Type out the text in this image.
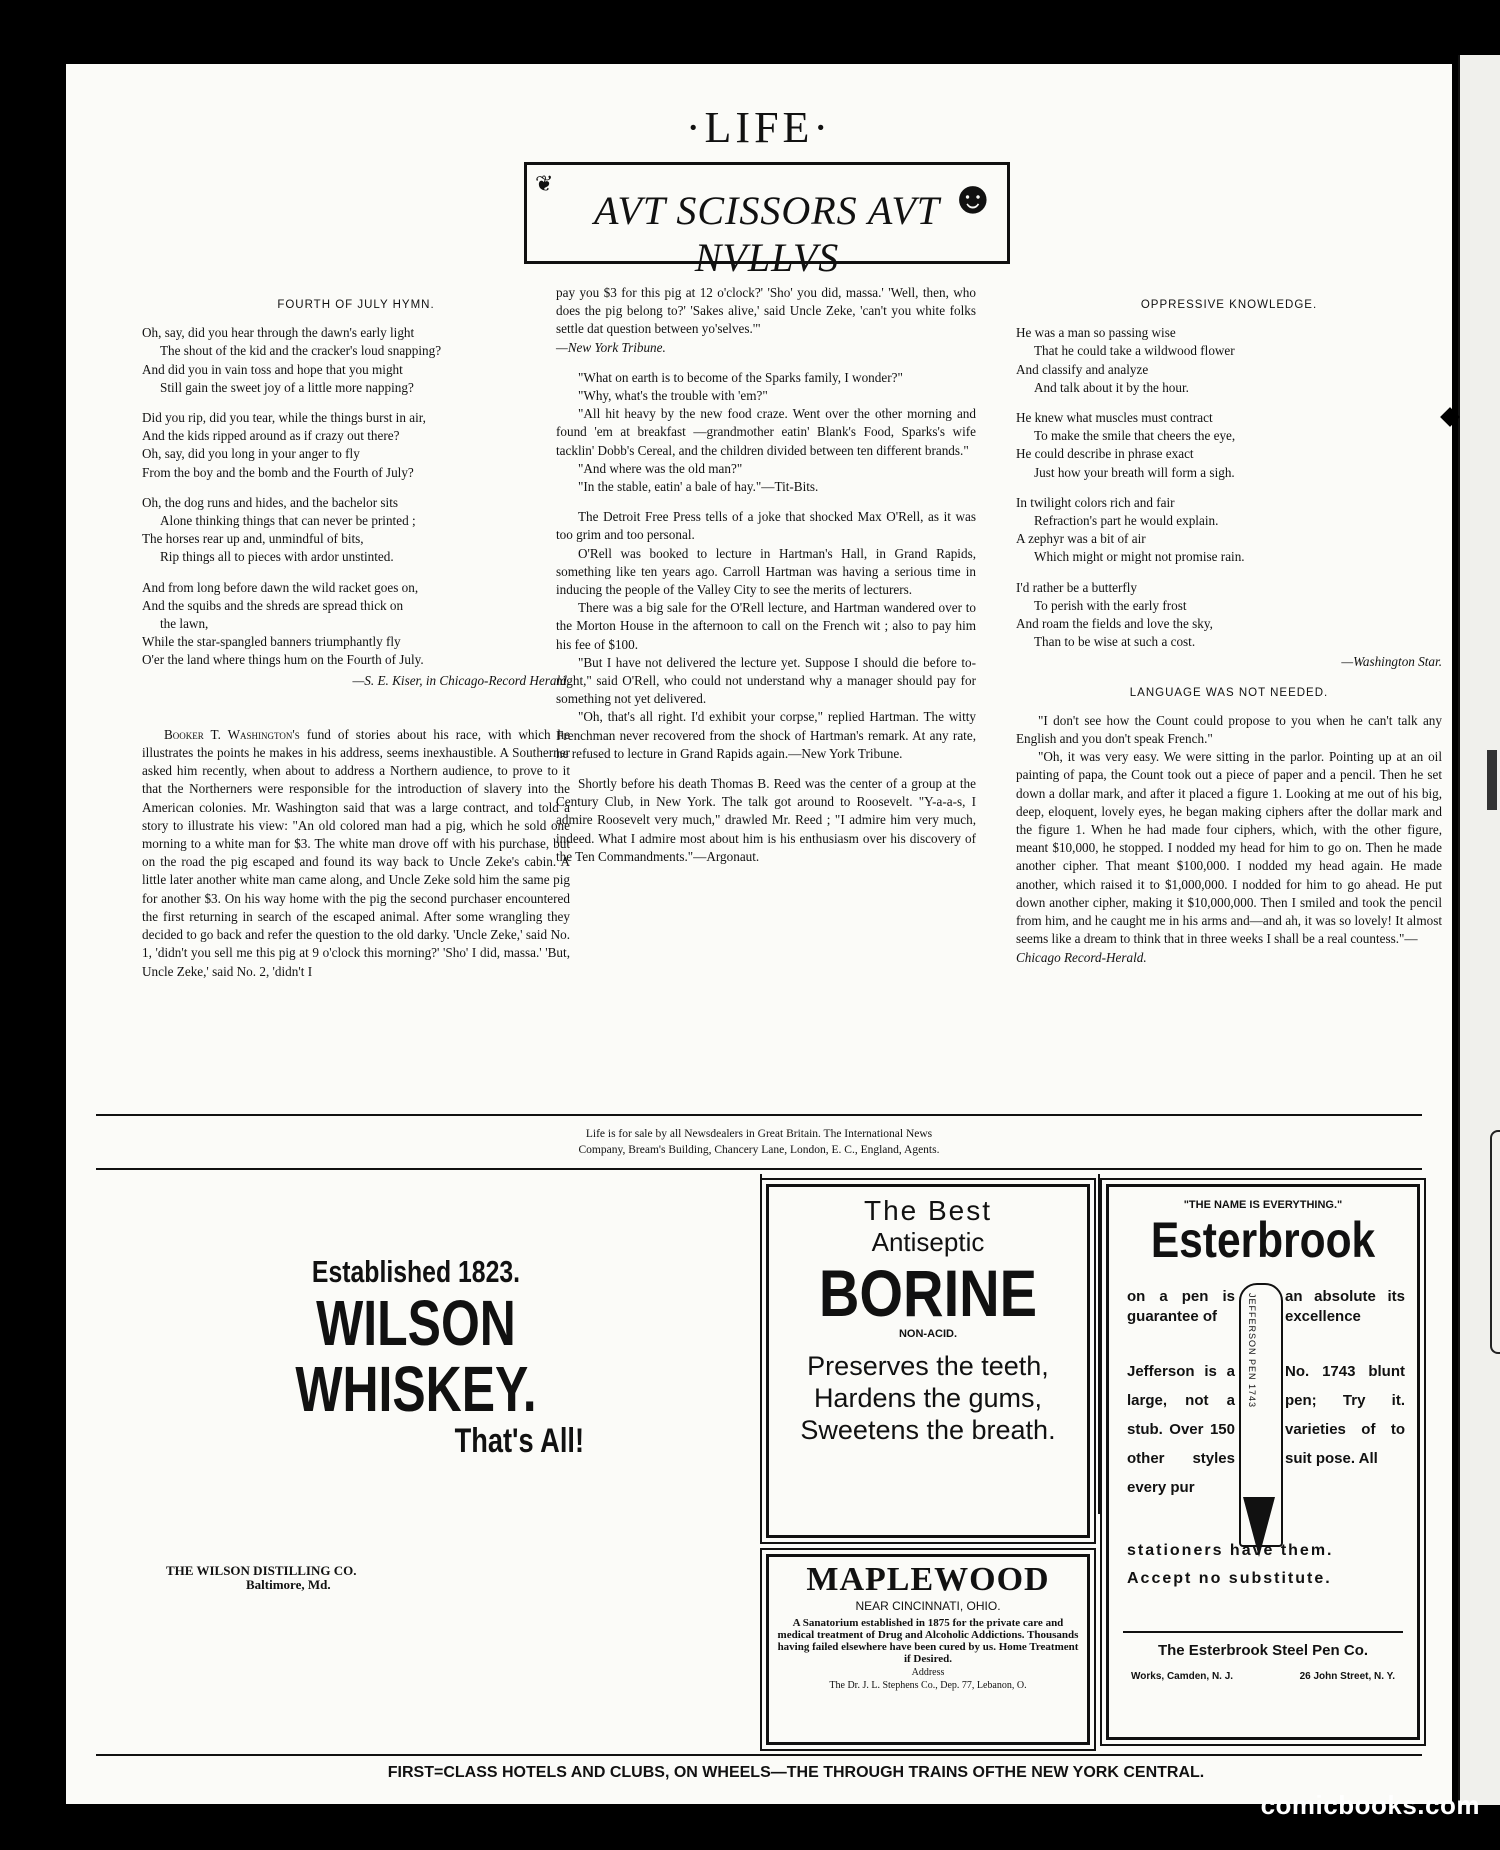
·LIFE·
❦
AVT SCISSORS AVT NVLLVS
☻
FOURTH OF JULY HYMN.
Oh, say, did you hear through the dawn's early light
The shout of the kid and the cracker's loud snapping?
And did you in vain toss and hope that you might
Still gain the sweet joy of a little more napping?
Did you rip, did you tear, while the things burst in air,
And the kids ripped around as if crazy out there?
Oh, say, did you long in your anger to fly
From the boy and the bomb and the Fourth of July?
Oh, the dog runs and hides, and the bachelor sits
Alone thinking things that can never be printed ;
The horses rear up and, unmindful of bits,
Rip things all to pieces with ardor unstinted.
And from long before dawn the wild racket goes on,
And the squibs and the shreds are spread thick on
the lawn,
While the star-spangled banners triumphantly fly
O'er the land where things hum on the Fourth of July.
—S. E. Kiser, in Chicago-Record Herald.

Booker T. Washington's fund of stories about his race, with which he illustrates the points he makes in his address, seems inexhaustible. A Southerner asked him recently, when about to address a Northern audience, to prove to it that the Northerners were responsible for the introduction of slavery into the American colonies. Mr. Washington said that was a large contract, and told a story to illustrate his view: "An old colored man had a pig, which he sold one morning to a white man for $3. The white man drove off with his purchase, but on the road the pig escaped and found its way back to Uncle Zeke's cabin. A little later another white man came along, and Uncle Zeke sold him the same pig for another $3. On his way home with the pig the second purchaser encountered the first returning in search of the escaped animal. After some wrangling they decided to go back and refer the question to the old darky. 'Uncle Zeke,' said No. 1, 'didn't you sell me this pig at 9 o'clock this morning?' 'Sho' I did, massa.' 'But, Uncle Zeke,' said No. 2, 'didn't I

pay you $3 for this pig at 12 o'clock?' 'Sho' you did, massa.' 'Well, then, who does the pig belong to?' 'Sakes alive,' said Uncle Zeke, 'can't you white folks settle dat question between yo'selves.'"

—New York Tribune.

"What on earth is to become of the Sparks family, I wonder?"

"Why, what's the trouble with 'em?"

"All hit heavy by the new food craze. Went over the other morning and found 'em at breakfast —grandmother eatin' Blank's Food, Sparks's wife tacklin' Dobb's Cereal, and the children divided between ten different brands."

"And where was the old man?"

"In the stable, eatin' a bale of hay."—Tit-Bits.

The Detroit Free Press tells of a joke that shocked Max O'Rell, as it was too grim and too personal.

O'Rell was booked to lecture in Hartman's Hall, in Grand Rapids, something like ten years ago. Carroll Hartman was having a serious time in inducing the people of the Valley City to see the merits of lecturers.

There was a big sale for the O'Rell lecture, and Hartman wandered over to the Morton House in the afternoon to call on the French wit ; also to pay him his fee of $100.

"But I have not delivered the lecture yet. Suppose I should die before to-night," said O'Rell, who could not understand why a manager should pay for something not yet delivered.

"Oh, that's all right. I'd exhibit your corpse," replied Hartman. The witty Frenchman never recovered from the shock of Hartman's remark. At any rate, he refused to lecture in Grand Rapids again.—New York Tribune.

Shortly before his death Thomas B. Reed was the center of a group at the Century Club, in New York. The talk got around to Roosevelt. "Y-a-a-s, I admire Roosevelt very much," drawled Mr. Reed ; "I admire him very much, indeed. What I admire most about him is his enthusiasm over his discovery of the Ten Commandments."—Argonaut.

OPPRESSIVE KNOWLEDGE.
He was a man so passing wise
That he could take a wildwood flower
And classify and analyze
And talk about it by the hour.
He knew what muscles must contract
To make the smile that cheers the eye,
He could describe in phrase exact
Just how your breath will form a sigh.
In twilight colors rich and fair
Refraction's part he would explain.
A zephyr was a bit of air
Which might or might not promise rain.
I'd rather be a butterfly
To perish with the early frost
And roam the fields and love the sky,
Than to be wise at such a cost.
—Washington Star.
LANGUAGE WAS NOT NEEDED.

"I don't see how the Count could propose to you when he can't talk any English and you don't speak French."

"Oh, it was very easy. We were sitting in the parlor. Pointing up at an oil painting of papa, the Count took out a piece of paper and a pencil. Then he set down a dollar mark, and after it placed a figure 1. Looking at me out of his big, deep, eloquent, lovely eyes, he began making ciphers after the dollar mark and the figure 1. When he had made four ciphers, which, with the other figure, meant $10,000, he stopped. I nodded my head for him to go on. Then he made another cipher. That meant $100,000. I nodded my head again. He made another, which raised it to $1,000,000. I nodded for him to go ahead. He put down another cipher, making it $10,000,000. Then I smiled and took the pencil from him, and he caught me in his arms and—and ah, it was so lovely! It almost seems like a dream to think that in three weeks I shall be a real countess."—

Chicago Record-Herald.

Life is for sale by all Newsdealers in Great Britain. The International News
Company, Bream's Building, Chancery Lane, London, E. C., England, Agents.
Established 1823.
WILSON
WHISKEY.
That's All!
THE WILSON DISTILLING CO.
Baltimore, Md.
The Best
Antiseptic
BORINE
NON-ACID.
Preserves the teeth,
Hardens the gums,
Sweetens the breath.
MAPLEWOOD
NEAR CINCINNATI, OHIO.
A Sanatorium established in 1875 for the private care and medical treatment of Drug and Alcoholic Addictions. Thousands having failed elsewhere have been cured by us. Home Treatment if Desired.
Address
The Dr. J. L. Stephens Co., Dep. 77, Lebanon, O.
"THE NAME IS EVERYTHING."
Esterbrook
JEFFERSON PEN 1743
on a pen is guarantee of
an absolute its excellence
Jefferson is a large, not a stub. Over 150 other styles every pur
No. 1743 blunt pen; Try it. varieties of to suit pose. All
stationers have them.
Accept no substitute.
The Esterbrook Steel Pen Co.
Works, Camden, N. J.	26 John Street, N. Y.
FIRST=CLASS HOTELS AND CLUBS, ON WHEELS— THE THROUGH TRAINS OF THE NEW YORK CENTRAL.
comicbooks.com
